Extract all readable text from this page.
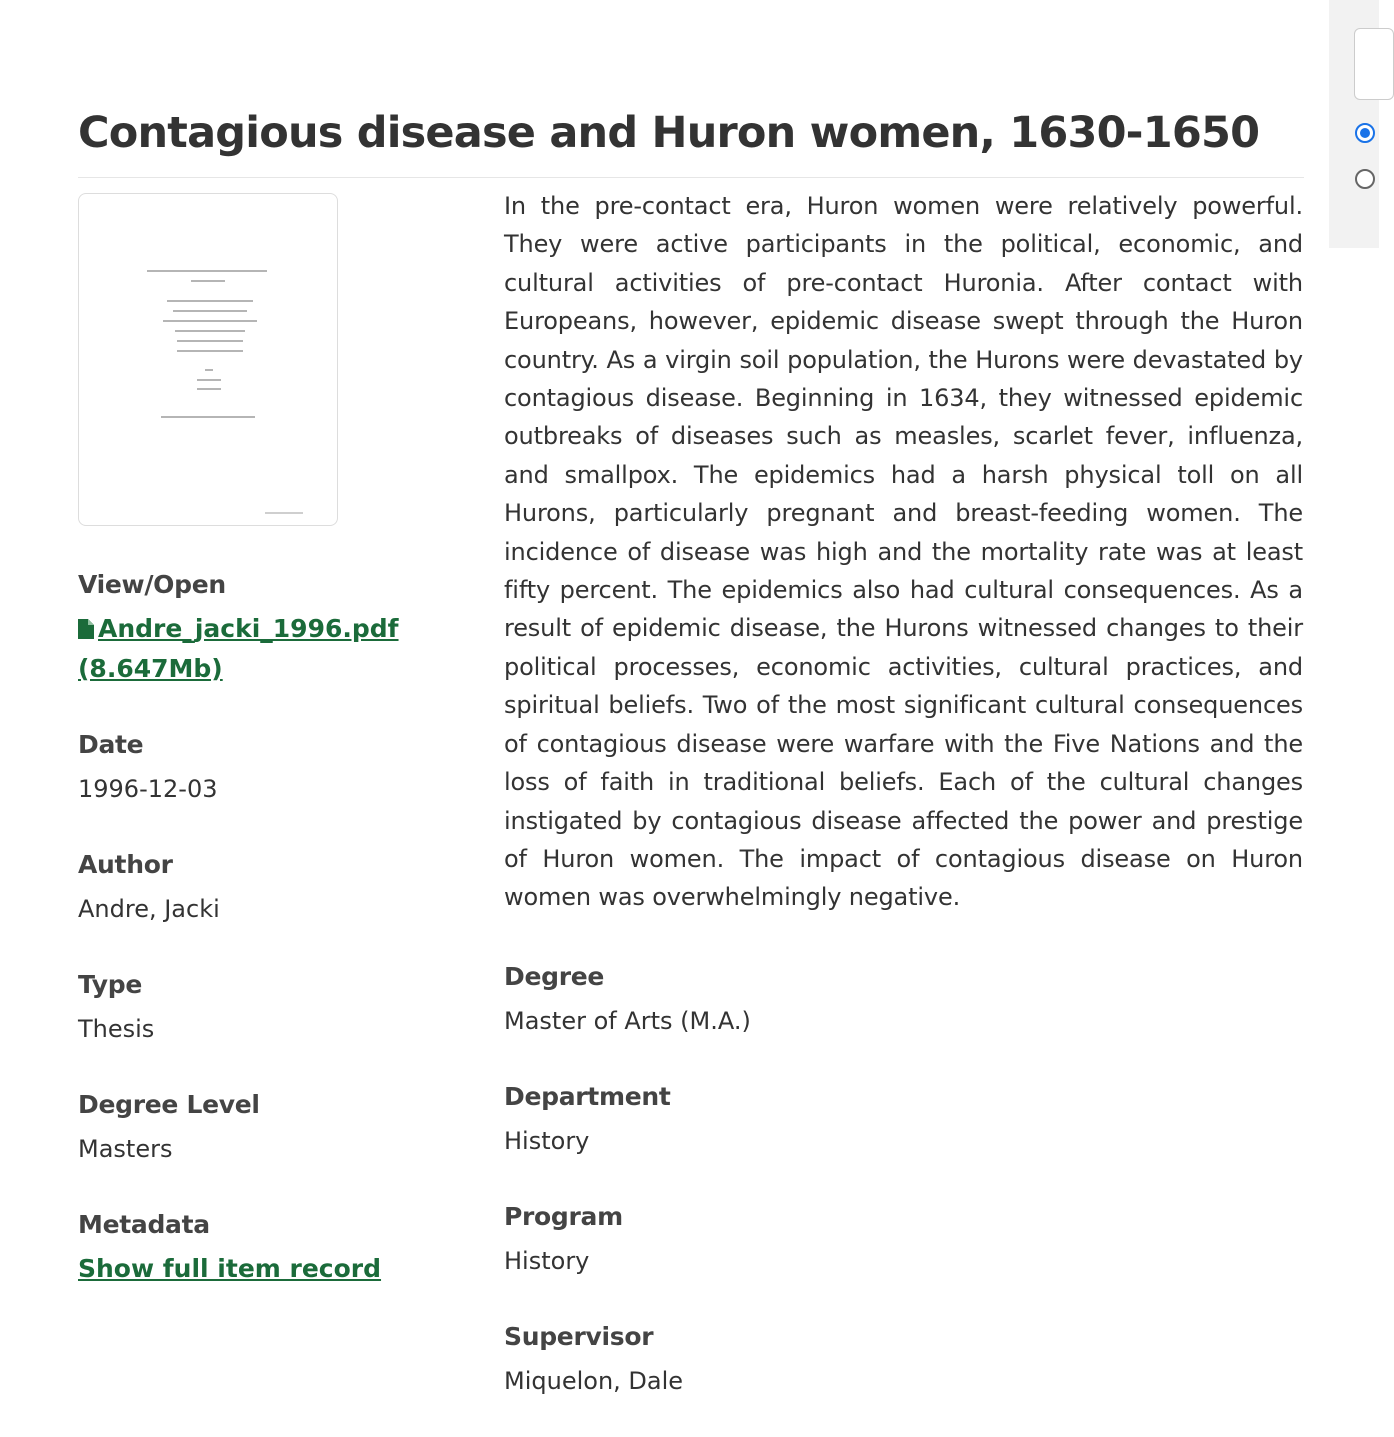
Contagious disease and Huron women, 1630-1650
View/Open
Andre_jacki_1996.pdf (8.647Mb)
Date
1996-12-03
Author
Andre, Jacki
Type
Thesis
Degree Level
Masters
Metadata
Show full item record

In the pre-contact era, Huron women were relatively powerful. They were active participants in the political, economic, and cultural activities of pre-contact Huronia. After contact with Europeans, however, epidemic disease swept through the Huron country. As a virgin soil population, the Hurons were devastated by contagious disease. Beginning in 1634, they witnessed epidemic outbreaks of diseases such as measles, scarlet fever, influenza, and smallpox. The epidemics had a harsh physical toll on all Hurons, particularly pregnant and breast-feeding women. The incidence of disease was high and the mortality rate was at least fifty percent. The epidemics also had cultural consequences. As a result of epidemic disease, the Hurons witnessed changes to their political processes, economic activities, cultural practices, and spiritual beliefs. Two of the most significant cultural consequences of contagious disease were warfare with the Five Nations and the loss of faith in traditional beliefs. Each of the cultural changes instigated by contagious disease affected the power and prestige of Huron women. The impact of contagious disease on Huron women was overwhelmingly negative.

Degree
Master of Arts (M.A.)
Department
History
Program
History
Supervisor
Miquelon, Dale
